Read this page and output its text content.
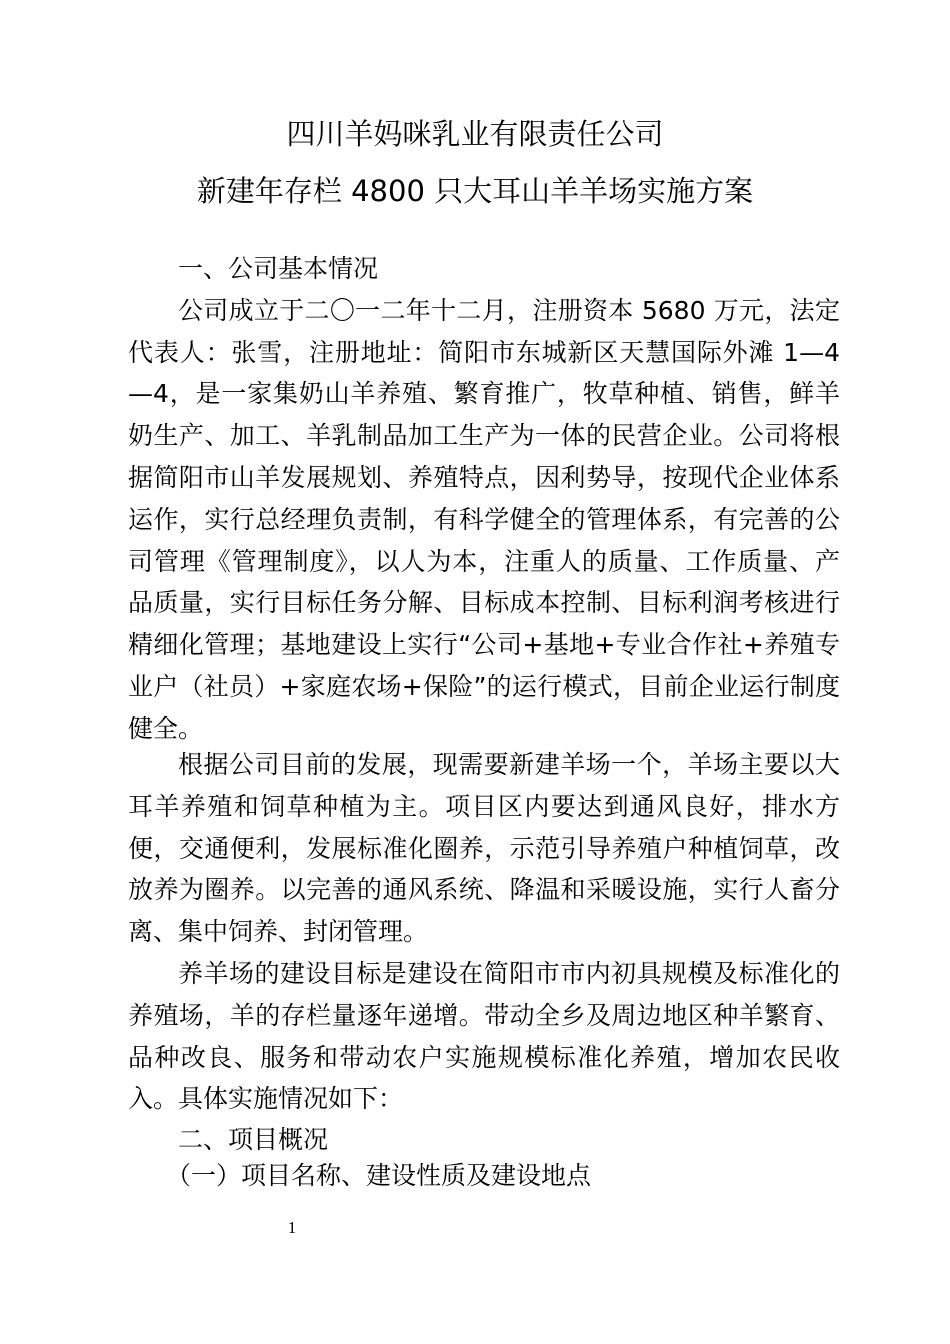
四川羊妈咪乳业有限责任公司
新建年存栏 4800 只大耳山羊羊场实施方案

一、公司基本情况

公司成立于二〇一二年十二月，注册资本 5680 万元，法定代表人：张雪，注册地址：简阳市东城新区天慧国际外滩 1—4—4，是一家集奶山羊养殖、繁育推广，牧草种植、销售，鲜羊奶生产、加工、羊乳制品加工生产为一体的民营企业。公司将根据简阳市山羊发展规划、养殖特点，因利势导，按现代企业体系运作，实行总经理负责制，有科学健全的管理体系，有完善的公司管理《管理制度》，以人为本，注重人的质量、工作质量、产品质量，实行目标任务分解、目标成本控制、目标利润考核进行精细化管理；基地建设上实行“公司+基地+专业合作社+养殖专业户（社员）+家庭农场+保险”的运行模式，目前企业运行制度健全。

根据公司目前的发展，现需要新建羊场一个，羊场主要以大耳羊养殖和饲草种植为主。项目区内要达到通风良好，排水方便，交通便利，发展标准化圈养，示范引导养殖户种植饲草，改放养为圈养。以完善的通风系统、降温和采暖设施，实行人畜分离、集中饲养、封闭管理。

养羊场的建设目标是建设在简阳市市内初具规模及标准化的养殖场，羊的存栏量逐年递增。带动全乡及周边地区种羊繁育、品种改良、服务和带动农户实施规模标准化养殖，增加农民收入。具体实施情况如下：

二、项目概况

（一）项目名称、建设性质及建设地点

1
